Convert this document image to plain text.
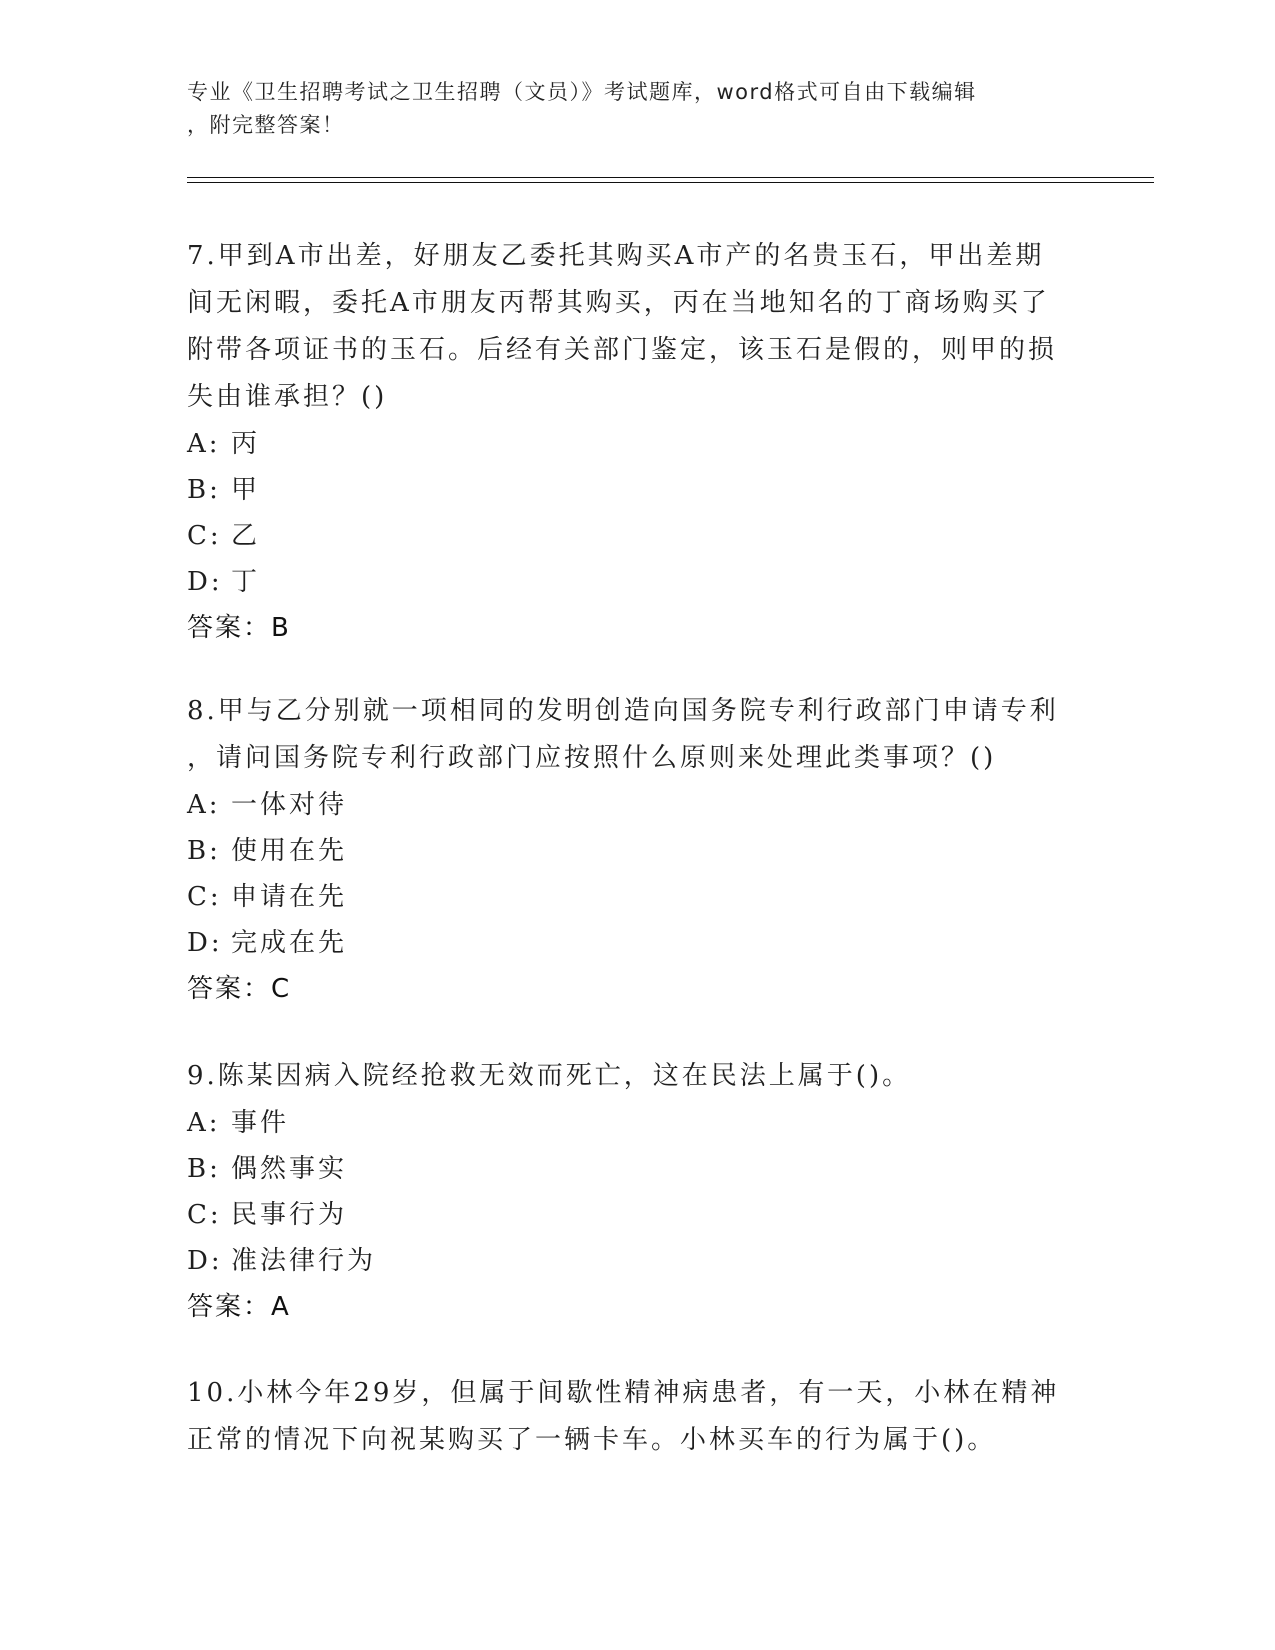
专业《卫生招聘考试之卫生招聘（文员）》考试题库，word格式可自由下载编辑
，附完整答案！
7.甲到A市出差，好朋友乙委托其购买A市产的名贵玉石，甲出差期
间无闲暇，委托A市朋友丙帮其购买，丙在当地知名的丁商场购买了
附带各项证书的玉石。后经有关部门鉴定，该玉石是假的，则甲的损
失由谁承担？()
A: 丙
B: 甲
C: 乙
D: 丁
答案：B
8.甲与乙分别就一项相同的发明创造向国务院专利行政部门申请专利
，请问国务院专利行政部门应按照什么原则来处理此类事项？()
A: 一体对待
B: 使用在先
C: 申请在先
D: 完成在先
答案：C
9.陈某因病入院经抢救无效而死亡，这在民法上属于()。
A: 事件
B: 偶然事实
C: 民事行为
D: 准法律行为
答案：A
10.小林今年29岁，但属于间歇性精神病患者，有一天，小林在精神
正常的情况下向祝某购买了一辆卡车。小林买车的行为属于()。
